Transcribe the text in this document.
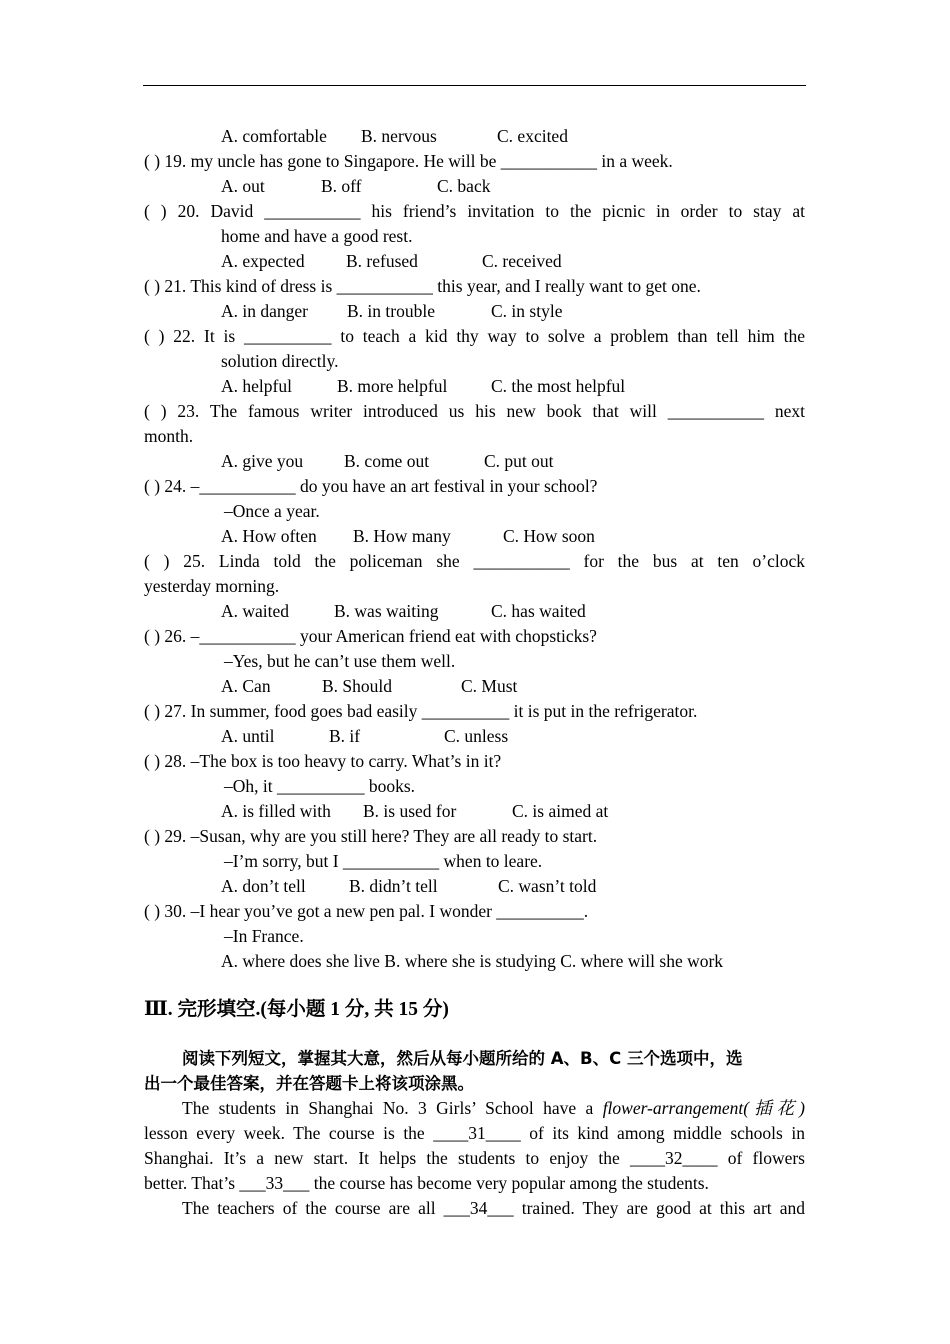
A. comfortable B. nervous	C. excited
( ) 19. my uncle has gone to Singapore. He will be ___________ in a week.
A. out	B. off	C. back
( ) 20. David ___________ his friend’s invitation to the picnic in order to stay at
home and have a good rest.
A. expected B. refused	C. received
( ) 21. This kind of dress is ___________ this year, and I really want to get one.
A. in danger B. in trouble	C. in style
( ) 22. It is __________ to teach a kid thy way to solve a problem than tell him the
solution directly.
A. helpful	B. more helpful C. the most helpful
( ) 23. The famous writer introduced us his new book that will ___________ next
month.
A. give you B. come out	C. put out
( ) 24. –___________ do you have an art festival in your school?
–Once a year.
A. How often B. How many	C. How soon
( ) 25. Linda told the policeman she ___________ for the bus at ten o’clock
yesterday morning.
A. waited	B. was waiting	C. has waited
( ) 26. –___________ your American friend eat with chopsticks?
–Yes, but he can’t use them well.
A. Can	B. Should	C. Must
( ) 27. In summer, food goes bad easily __________ it is put in the refrigerator.
A. until	B. if	C. unless
( ) 28. –The box is too heavy to carry. What’s in it?
–Oh, it __________ books.
A. is filled with B. is used for	C. is aimed at
( ) 29. –Susan, why are you still here? They are all ready to start.
–I’m sorry, but I ___________ when to leare.
A. don’t tell B. didn’t tell	C. wasn’t told
( ) 30. –I hear you’ve got a new pen pal. I wonder __________.
–In France.
A. where does she live B. where she is studying C. where will she work
Ⅲ. 完形填空.(每小题 1 分, 共 15 分)
阅读下列短文，掌握其大意，然后从每小题所给的 A、B、C 三个选项中，选
出一个最佳答案，并在答题卡上将该项涂黑。
The students in Shanghai No. 3 Girls’ School have a flower-arrangement(插花)
lesson every week. The course is the ____31____ of its kind among middle schools in
Shanghai. It’s a new start. It helps the students to enjoy the ____32____ of flowers
better. That’s ___33___ the course has become very popular among the students.
The teachers of the course are all ___34___ trained. They are good at this art and
